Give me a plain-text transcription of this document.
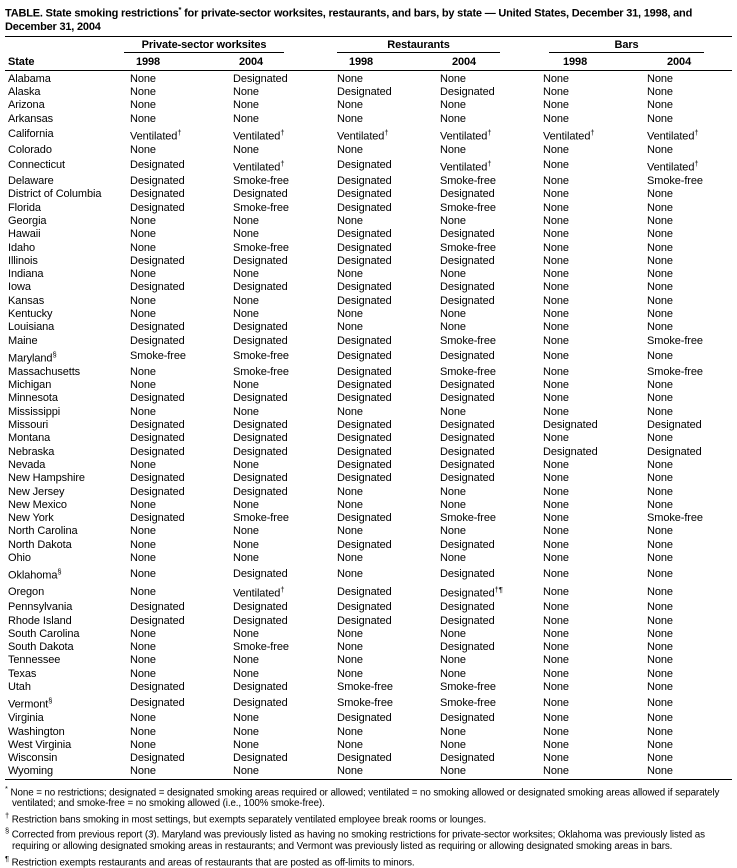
TABLE. State smoking restrictions* for private-sector worksites, restaurants, and bars, by state — United States, December 31, 1998, and December 31, 2004

	Private-sector worksites		Restaurants		Bars	

State	1998	2004	1998	2004	1998	2004
Alabama	None	Designated	None	None	None	None
Alaska	None	None	Designated	Designated	None	None
Arizona	None	None	None	None	None	None
Arkansas	None	None	None	None	None	None
California	Ventilated†	Ventilated†	Ventilated†	Ventilated†	Ventilated†	Ventilated†
Colorado	None	None	None	None	None	None
Connecticut	Designated	Ventilated†	Designated	Ventilated†	None	Ventilated†
Delaware	Designated	Smoke-free	Designated	Smoke-free	None	Smoke-free
District of Columbia	Designated	Designated	Designated	Designated	None	None
Florida	Designated	Smoke-free	Designated	Smoke-free	None	None
Georgia	None	None	None	None	None	None
Hawaii	None	None	Designated	Designated	None	None
Idaho	None	Smoke-free	Designated	Smoke-free	None	None
Illinois	Designated	Designated	Designated	Designated	None	None
Indiana	None	None	None	None	None	None
Iowa	Designated	Designated	Designated	Designated	None	None
Kansas	None	None	Designated	Designated	None	None
Kentucky	None	None	None	None	None	None
Louisiana	Designated	Designated	None	None	None	None
Maine	Designated	Designated	Designated	Smoke-free	None	Smoke-free
Maryland§	Smoke-free	Smoke-free	Designated	Designated	None	None
Massachusetts	None	Smoke-free	Designated	Smoke-free	None	Smoke-free
Michigan	None	None	Designated	Designated	None	None
Minnesota	Designated	Designated	Designated	Designated	None	None
Mississippi	None	None	None	None	None	None
Missouri	Designated	Designated	Designated	Designated	Designated	Designated
Montana	Designated	Designated	Designated	Designated	None	None
Nebraska	Designated	Designated	Designated	Designated	Designated	Designated
Nevada	None	None	Designated	Designated	None	None
New Hampshire	Designated	Designated	Designated	Designated	None	None
New Jersey	Designated	Designated	None	None	None	None
New Mexico	None	None	None	None	None	None
New York	Designated	Smoke-free	Designated	Smoke-free	None	Smoke-free
North Carolina	None	None	None	None	None	None
North Dakota	None	None	Designated	Designated	None	None
Ohio	None	None	None	None	None	None
Oklahoma§	None	Designated	None	Designated	None	None
Oregon	None	Ventilated†	Designated	Designated†¶	None	None
Pennsylvania	Designated	Designated	Designated	Designated	None	None
Rhode Island	Designated	Designated	Designated	Designated	None	None
South Carolina	None	None	None	None	None	None
South Dakota	None	Smoke-free	None	Designated	None	None
Tennessee	None	None	None	None	None	None
Texas	None	None	None	None	None	None
Utah	Designated	Designated	Smoke-free	Smoke-free	None	None
Vermont§	Designated	Designated	Smoke-free	Smoke-free	None	None
Virginia	None	None	Designated	Designated	None	None
Washington	None	None	None	None	None	None
West Virginia	None	None	None	None	None	None
Wisconsin	Designated	Designated	Designated	Designated	None	None
Wyoming	None	None	None	None	None	None
* None = no restrictions; designated = designated smoking areas required or allowed; ventilated = no smoking allowed or designated smoking areas allowed if separately ventilated; and smoke-free = no smoking allowed (i.e., 100% smoke-free).
† Restriction bans smoking in most settings, but exempts separately ventilated employee break rooms or lounges.
§ Corrected from previous report (3). Maryland was previously listed as having no smoking restrictions for private-sector worksites; Oklahoma was previously listed as requiring or allowing designated smoking areas in restaurants; and Vermont was previously listed as requiring or allowing designated smoking areas in bars.
¶ Restriction exempts restaurants and areas of restaurants that are posted as off-limits to minors.
